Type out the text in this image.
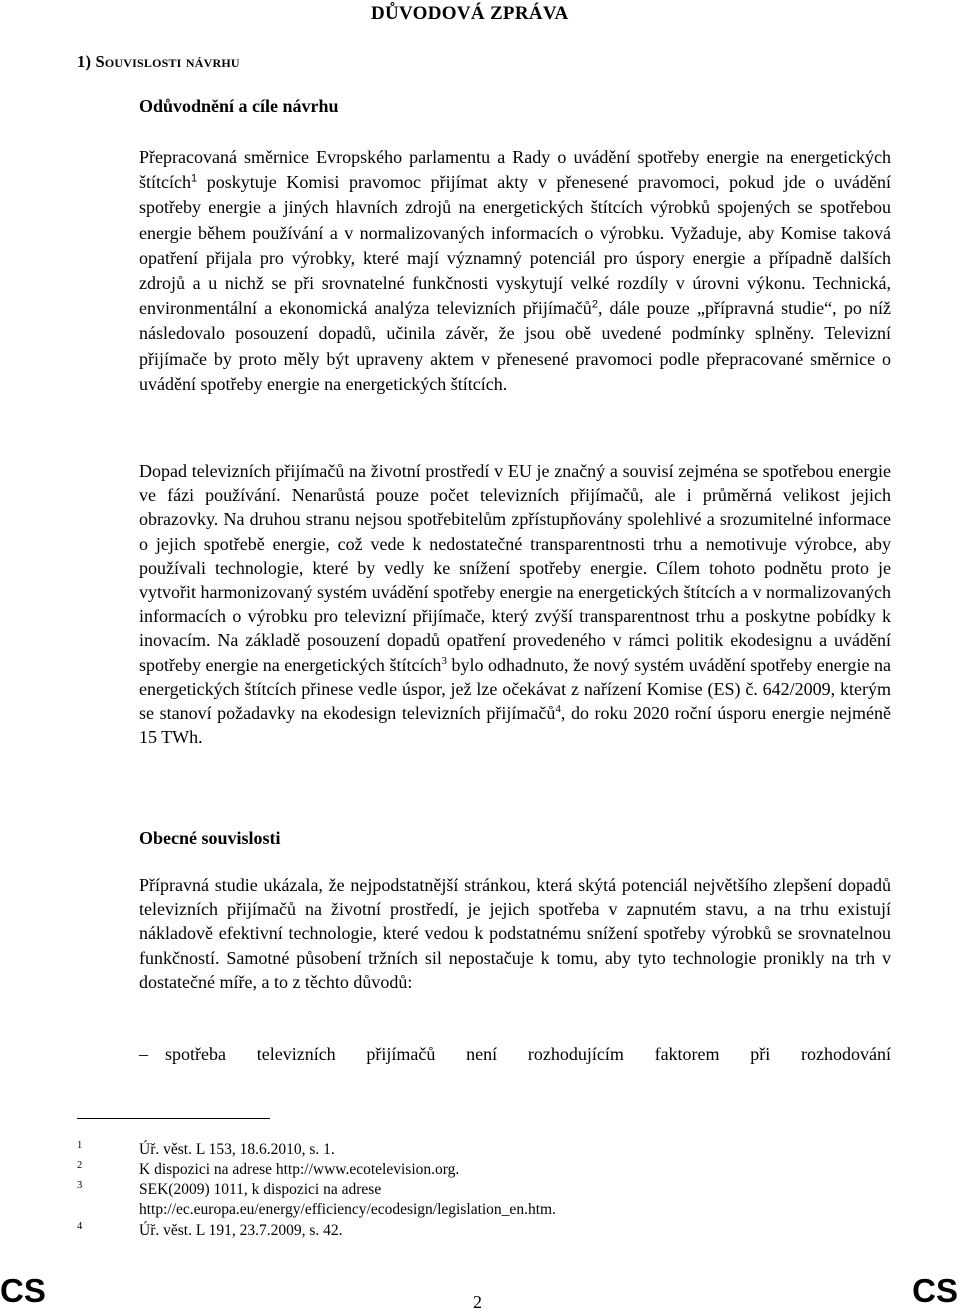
DŮVODOVÁ ZPRÁVA
1) Souvislosti návrhu
Odůvodnění a cíle návrhu

Přepracovaná směrnice Evropského parlamentu a Rady o uvádění spotřeby energie na energetických štítcích$^1$ poskytuje Komisi pravomoc přijímat akty v přenesené pravomoci, pokud jde o uvádění spotřeby energie a jiných hlavních zdrojů na energetických štítcích výrobků spojených se spotřebou energie během používání a v normalizovaných informacích o výrobku. Vyžaduje, aby Komise taková opatření přijala pro výrobky, které mají významný potenciál pro úspory energie a případně dalších zdrojů a u nichž se při srovnatelné funkčnosti vyskytují velké rozdíly v úrovni výkonu. Technická, environmentální a ekonomická analýza televizních přijímačů$^2$, dále pouze „přípravná studie“, po níž následovalo posouzení dopadů, učinila závěr, že jsou obě uvedené podmínky splněny. Televizní přijímače by proto měly být upraveny aktem v přenesené pravomoci podle přepracované směrnice o uvádění spotřeby energie na energetických štítcích.

Dopad televizních přijímačů na životní prostředí v EU je značný a souvisí zejména se spotřebou energie ve fázi používání. Nenarůstá pouze počet televizních přijímačů, ale i průměrná velikost jejich obrazovky. Na druhou stranu nejsou spotřebitelům zpřístupňovány spolehlivé a srozumitelné informace o jejich spotřebě energie, což vede k nedostatečné transparentnosti trhu a nemotivuje výrobce, aby používali technologie, které by vedly ke snížení spotřeby energie. Cílem tohoto podnětu proto je vytvořit harmonizovaný systém uvádění spotřeby energie na energetických štítcích a v normalizovaných informacích o výrobku pro televizní přijímače, který zvýší transparentnost trhu a poskytne pobídky k inovacím. Na základě posouzení dopadů opatření provedeného v rámci politik ekodesignu a uvádění spotřeby energie na energetických štítcích$^3$ bylo odhadnuto, že nový systém uvádění spotřeby energie na energetických štítcích přinese vedle úspor, jež lze očekávat z nařízení Komise (ES) č. 642/2009, kterým se stanoví požadavky na ekodesign televizních přijímačů$^4$, do roku 2020 roční úsporu energie nejméně 15 TWh.

Obecné souvislosti

Přípravná studie ukázala, že nejpodstatnější stránkou, která skýtá potenciál největšího zlepšení dopadů televizních přijímačů na životní prostředí, je jejich spotřeba v zapnutém stavu, a na trhu existují nákladově efektivní technologie, které vedou k podstatnému snížení spotřeby výrobků se srovnatelnou funkčností. Samotné působení tržních sil nepostačuje k tomu, aby tyto technologie pronikly na trh v dostatečné míře, a to z těchto důvodů:

– spotřeba televizních přijímačů není rozhodujícím faktorem při rozhodování
1	Úř. věst. L 153, 18.6.2010, s. 1.
2	K dispozici na adrese http://www.ecotelevision.org.
3	SEK(2009) 1011, k dispozici na adrese
http://ec.europa.eu/energy/efficiency/ecodesign/legislation_en.htm.
4	Úř. věst. L 191, 23.7.2009, s. 42.
CS	2	CS
